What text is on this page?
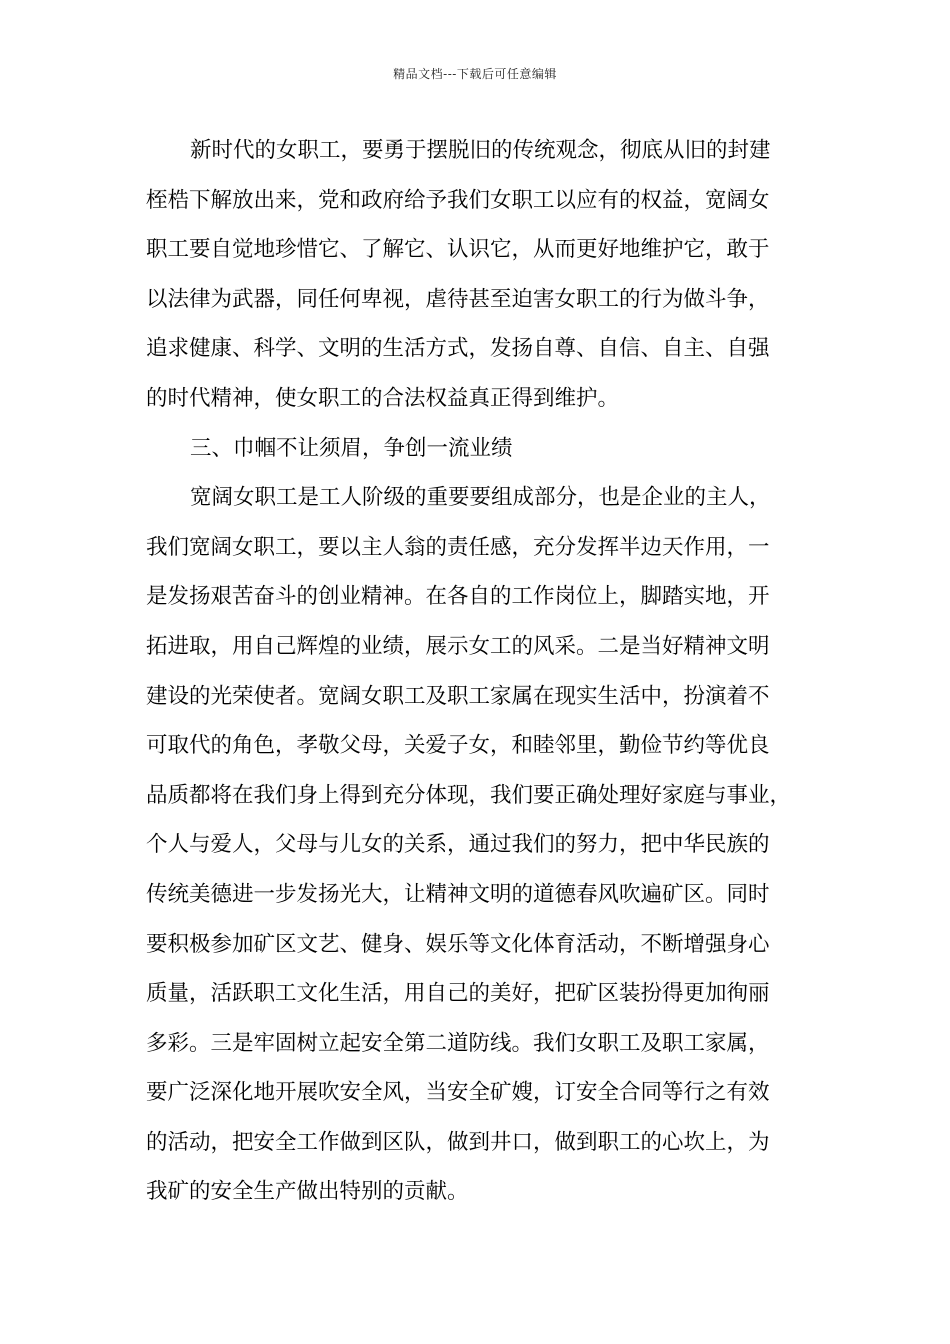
精品文档---下载后可任意编辑
新时代的女职工，要勇于摆脱旧的传统观念，彻底从旧的封建
桎梏下解放出来，党和政府给予我们女职工以应有的权益，宽阔女
职工要自觉地珍惜它、了解它、认识它，从而更好地维护它，敢于
以法律为武器，同任何卑视，虐待甚至迫害女职工的行为做斗争，
追求健康、科学、文明的生活方式，发扬自尊、自信、自主、自强
的时代精神，使女职工的合法权益真正得到维护。
三、巾帼不让须眉，争创一流业绩
宽阔女职工是工人阶级的重要要组成部分，也是企业的主人，
我们宽阔女职工，要以主人翁的责任感，充分发挥半边天作用，一
是发扬艰苦奋斗的创业精神。在各自的工作岗位上，脚踏实地，开
拓进取，用自己辉煌的业绩，展示女工的风采。二是当好精神文明
建设的光荣使者。宽阔女职工及职工家属在现实生活中，扮演着不
可取代的角色，孝敬父母，关爱子女，和睦邻里，勤俭节约等优良
品质都将在我们身上得到充分体现，我们要正确处理好家庭与事业，
个人与爱人，父母与儿女的关系，通过我们的努力，把中华民族的
传统美德进一步发扬光大，让精神文明的道德春风吹遍矿区。同时
要积极参加矿区文艺、健身、娱乐等文化体育活动，不断增强身心
质量，活跃职工文化生活，用自己的美好，把矿区装扮得更加徇丽
多彩。三是牢固树立起安全第二道防线。我们女职工及职工家属，
要广泛深化地开展吹安全风，当安全矿嫂，订安全合同等行之有效
的活动，把安全工作做到区队，做到井口，做到职工的心坎上，为
我矿的安全生产做出特别的贡献。
